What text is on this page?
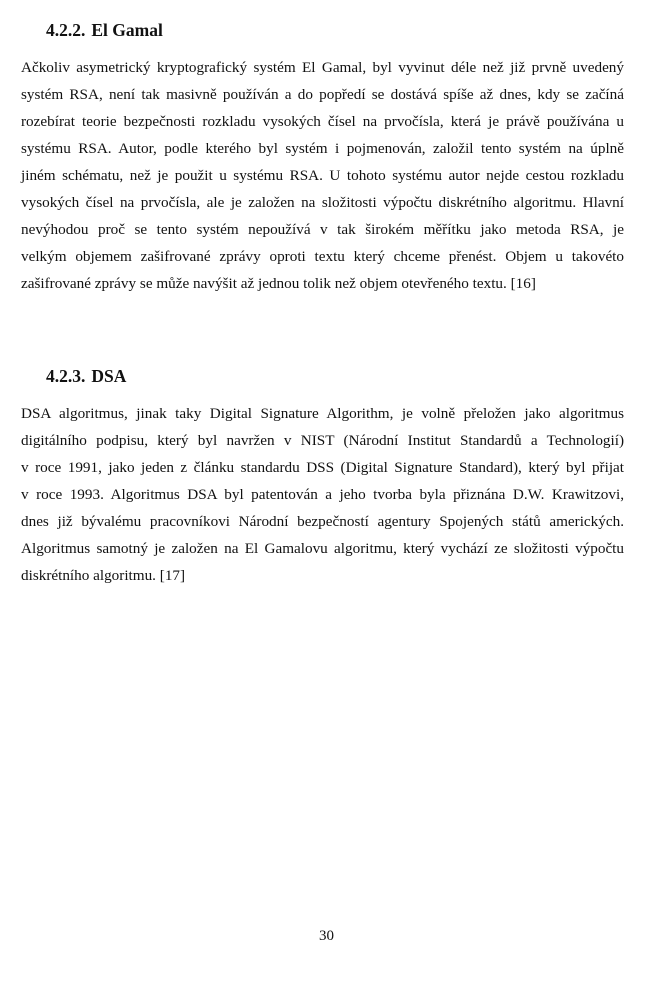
4.2.2. El Gamal

Ačkoliv asymetrický kryptografický systém El Gamal, byl vyvinut déle než již prvně uvedený

systém RSA, není tak masivně používán a do popředí se dostává spíše až dnes, kdy se začíná

rozebírat teorie bezpečnosti rozkladu vysokých čísel na prvočísla, která je právě používána u

systému RSA. Autor, podle kterého byl systém i pojmenován, založil tento systém na úplně

jiném schématu, než je použit u systému RSA. U tohoto systému autor nejde cestou rozkladu

vysokých čísel na prvočísla, ale je založen na složitosti výpočtu diskrétního algoritmu. Hlavní

nevýhodou proč se tento systém nepoužívá v tak širokém měřítku jako metoda RSA, je

velkým objemem zašifrované zprávy oproti textu který chceme přenést. Objem u takovéto

zašifrované zprávy se může navýšit až jednou tolik než objem otevřeného textu. [16]

4.2.3. DSA

DSA algoritmus, jinak taky Digital Signature Algorithm, je volně přeložen jako algoritmus

digitálního podpisu, který byl navržen v NIST (Národní Institut Standardů a Technologií)

v roce 1991, jako jeden z článku standardu DSS (Digital Signature Standard), který byl přijat

v roce 1993. Algoritmus DSA byl patentován a jeho tvorba byla přiznána D.W. Krawitzovi,

dnes již bývalému pracovníkovi Národní bezpečností agentury Spojených států amerických.

Algoritmus samotný je založen na El Gamalovu algoritmu, který vychází ze složitosti výpočtu

diskrétního algoritmu. [17]

30
